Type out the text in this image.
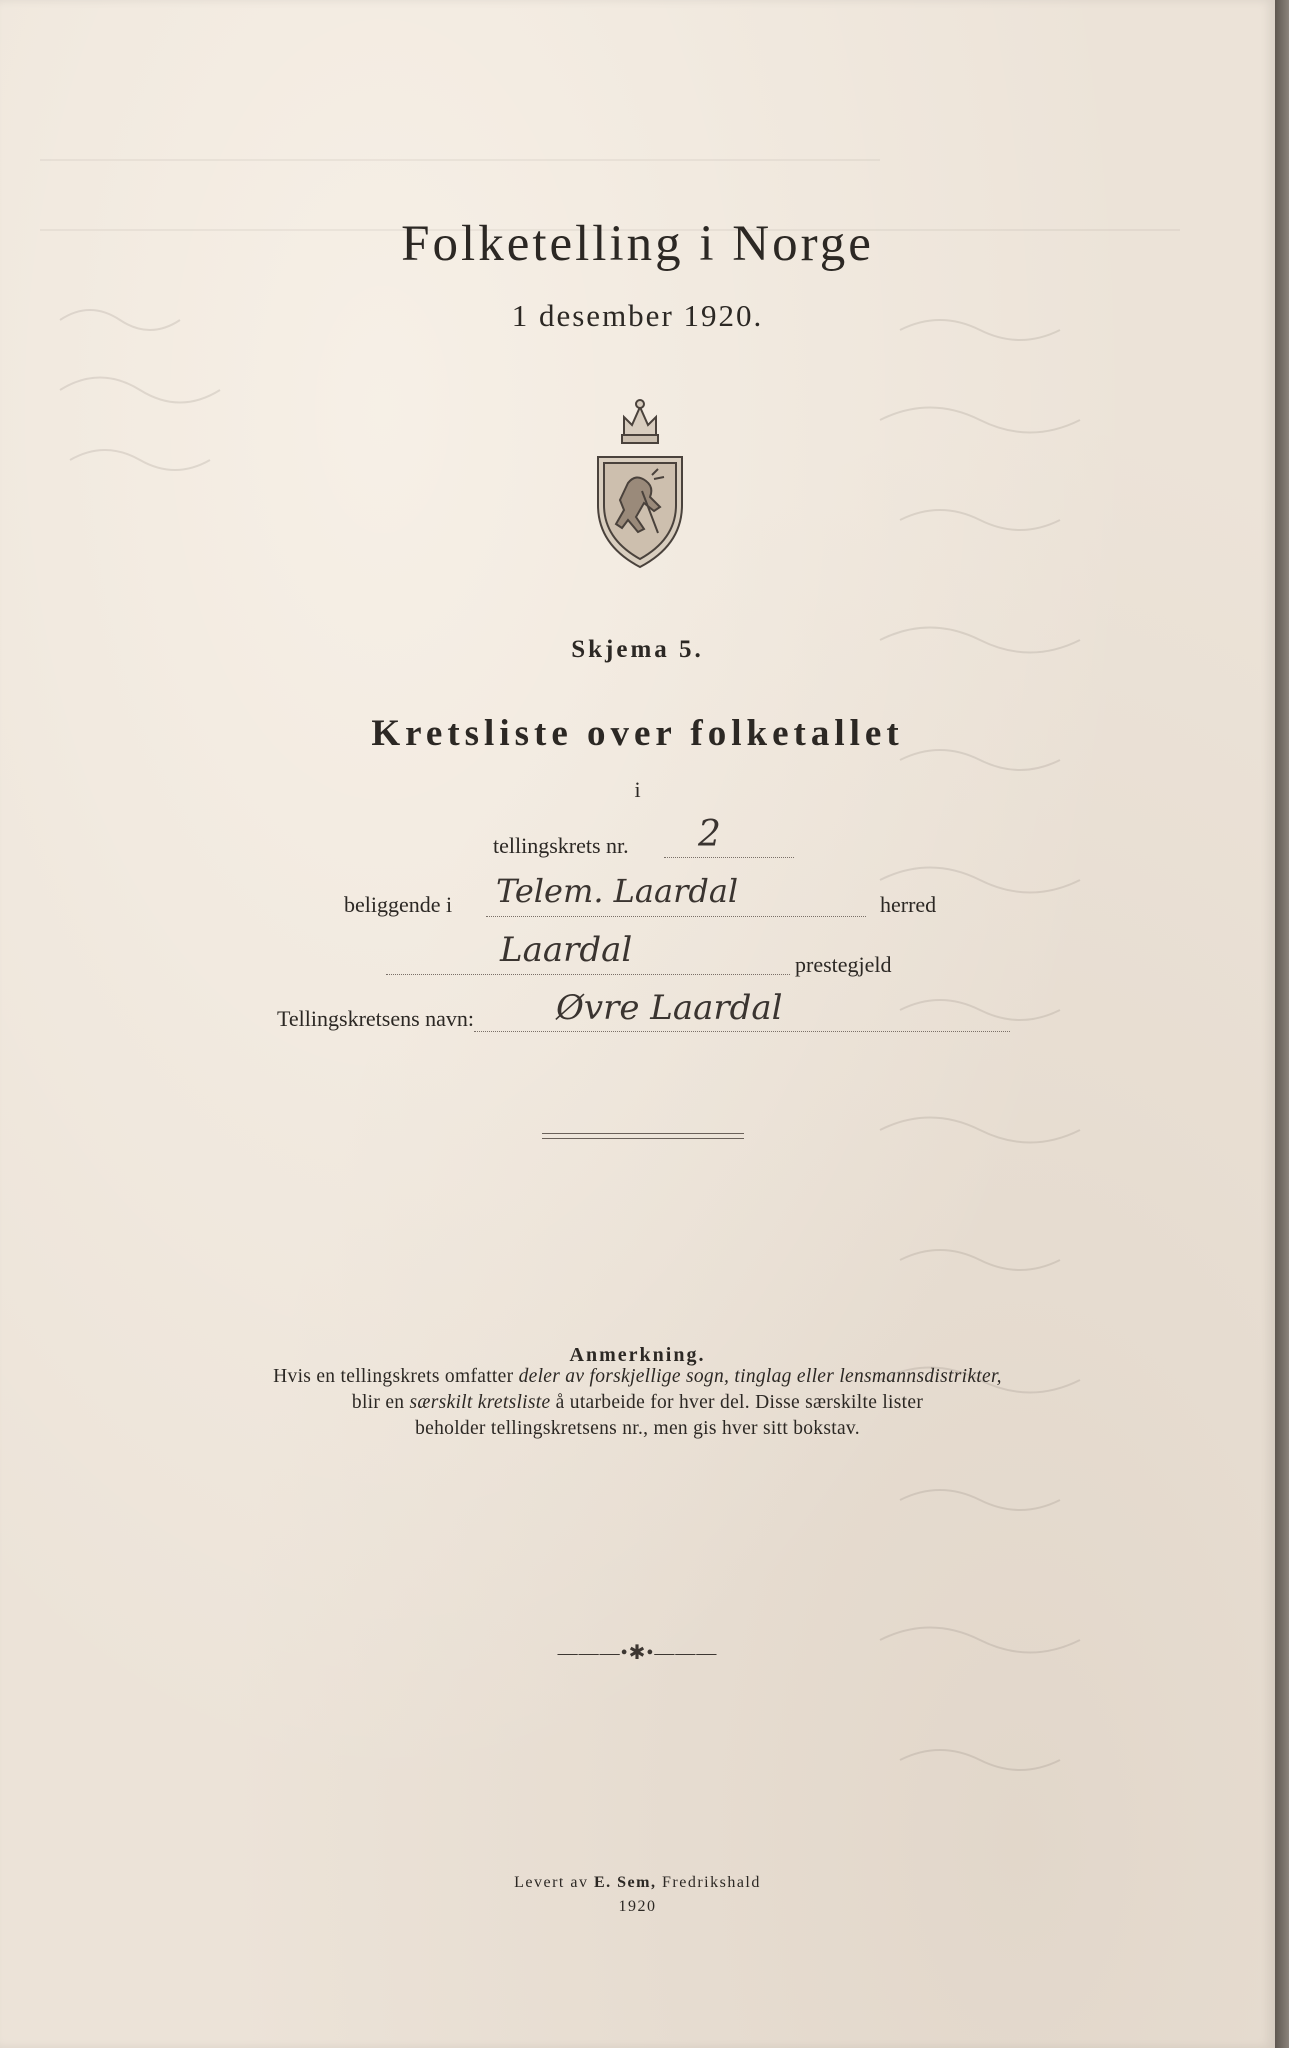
Folketelling i Norge
1 desember 1920.
Skjema 5.
Kretsliste over folketallet
i
tellingskrets nr. 2
beliggende i Telem. Laardal	herred
Laardal	prestegjeld
Tellingskretsens navn: Øvre Laardal
Anmerkning.
Hvis en tellingskrets omfatter deler av forskjellige sogn, tinglag eller lensmannsdistrikter,
blir en særskilt kretsliste å utarbeide for hver del. Disse særskilte lister
beholder tellingskretsens nr., men gis hver sitt bokstav.
———•✱•———
Levert av E. Sem, Fredrikshald
1920
